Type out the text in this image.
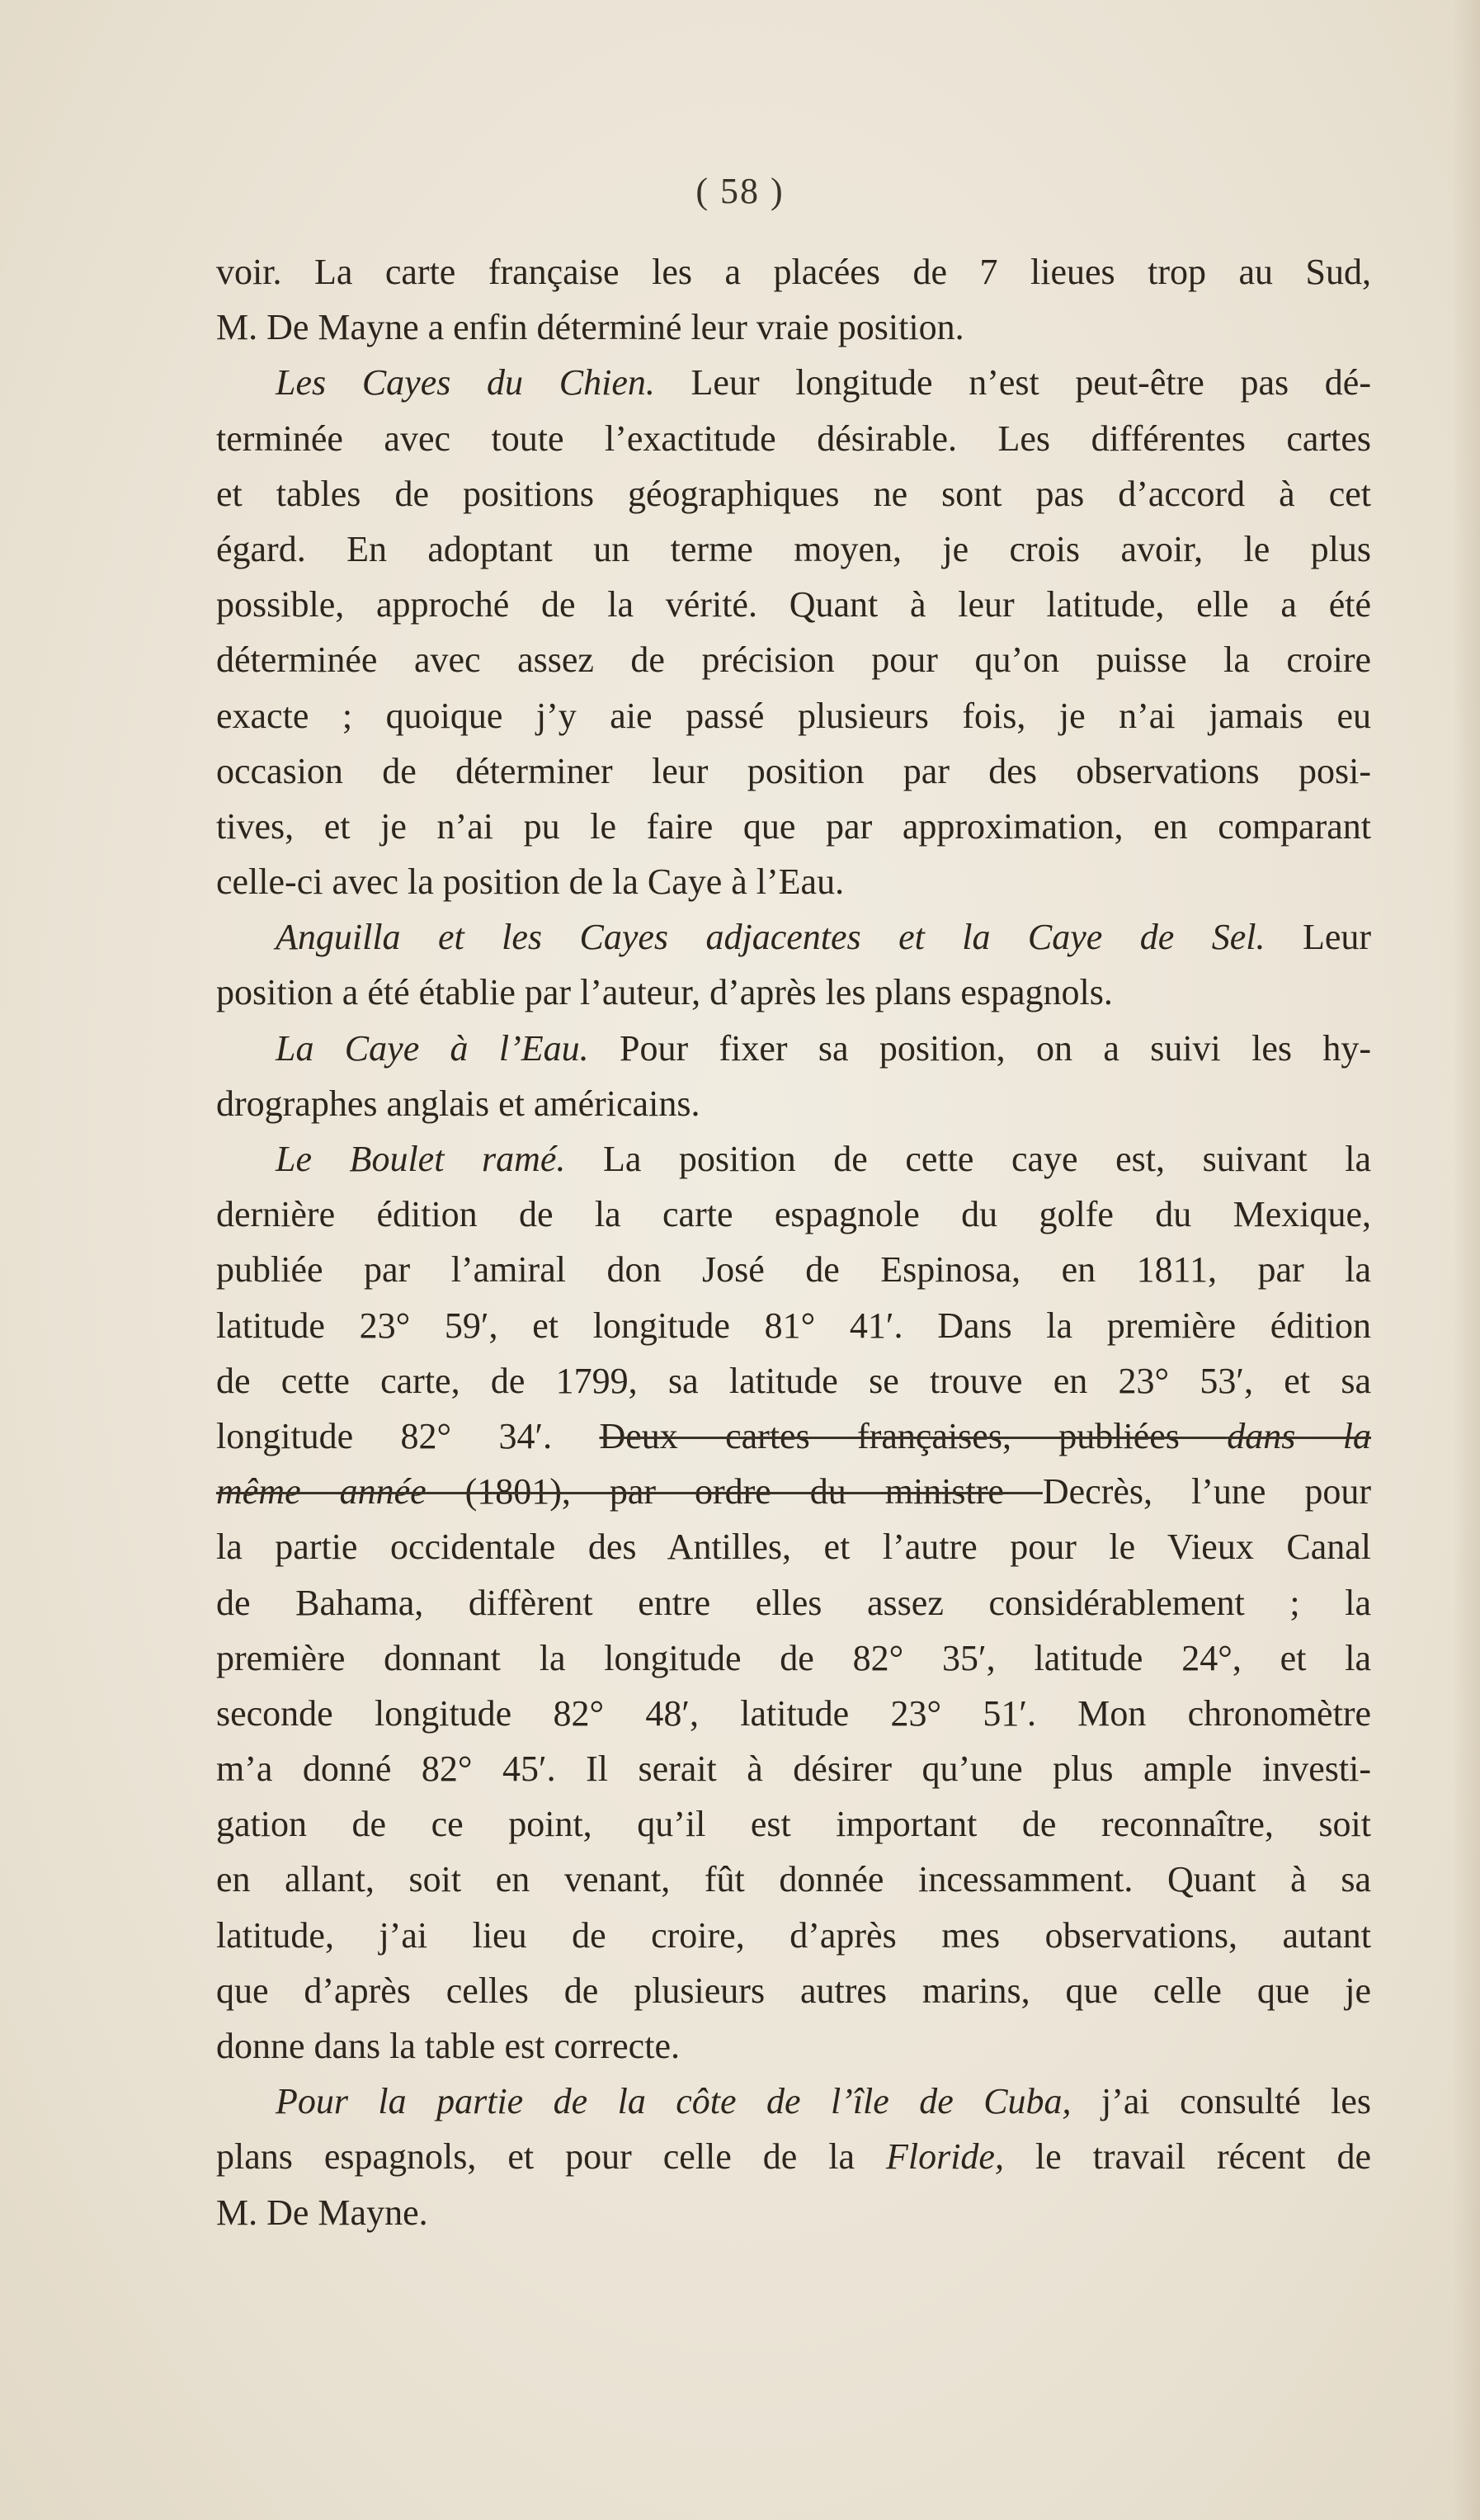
( 58 )
voir. La carte française les a placées de 7 lieues trop au Sud,
M. De Mayne a enfin déterminé leur vraie position.
Les Cayes du Chien. Leur longitude n’est peut-être pas dé-
terminée avec toute l’exactitude désirable. Les différentes cartes
et tables de positions géographiques ne sont pas d’accord à cet
égard. En adoptant un terme moyen, je crois avoir, le plus
possible, approché de la vérité. Quant à leur latitude, elle a été
déterminée avec assez de précision pour qu’on puisse la croire
exacte ; quoique j’y aie passé plusieurs fois, je n’ai jamais eu
occasion de déterminer leur position par des observations posi-
tives, et je n’ai pu le faire que par approximation, en comparant
celle-ci avec la position de la Caye à l’Eau.
Anguilla et les Cayes adjacentes et la Caye de Sel. Leur
position a été établie par l’auteur, d’après les plans espagnols.
La Caye à l’Eau. Pour fixer sa position, on a suivi les hy-
drographes anglais et américains.
Le Boulet ramé. La position de cette caye est, suivant la
dernière édition de la carte espagnole du golfe du Mexique,
publiée par l’amiral don José de Espinosa, en 1811, par la
latitude 23° 59′, et longitude 81° 41′. Dans la première édition
de cette carte, de 1799, sa latitude se trouve en 23° 53′, et sa
longitude 82° 34′. Deux cartes françaises, publiées dans la
même année (1801), par ordre du ministre Decrès, l’une pour
la partie occidentale des Antilles, et l’autre pour le Vieux Canal
de Bahama, diffèrent entre elles assez considérablement ; la
première donnant la longitude de 82° 35′, latitude 24°, et la
seconde longitude 82° 48′, latitude 23° 51′. Mon chronomètre
m’a donné 82° 45′. Il serait à désirer qu’une plus ample investi-
gation de ce point, qu’il est important de reconnaître, soit
en allant, soit en venant, fût donnée incessamment. Quant à sa
latitude, j’ai lieu de croire, d’après mes observations, autant
que d’après celles de plusieurs autres marins, que celle que je
donne dans la table est correcte.
Pour la partie de la côte de l’île de Cuba, j’ai consulté les
plans espagnols, et pour celle de la Floride, le travail récent de
M. De Mayne.
